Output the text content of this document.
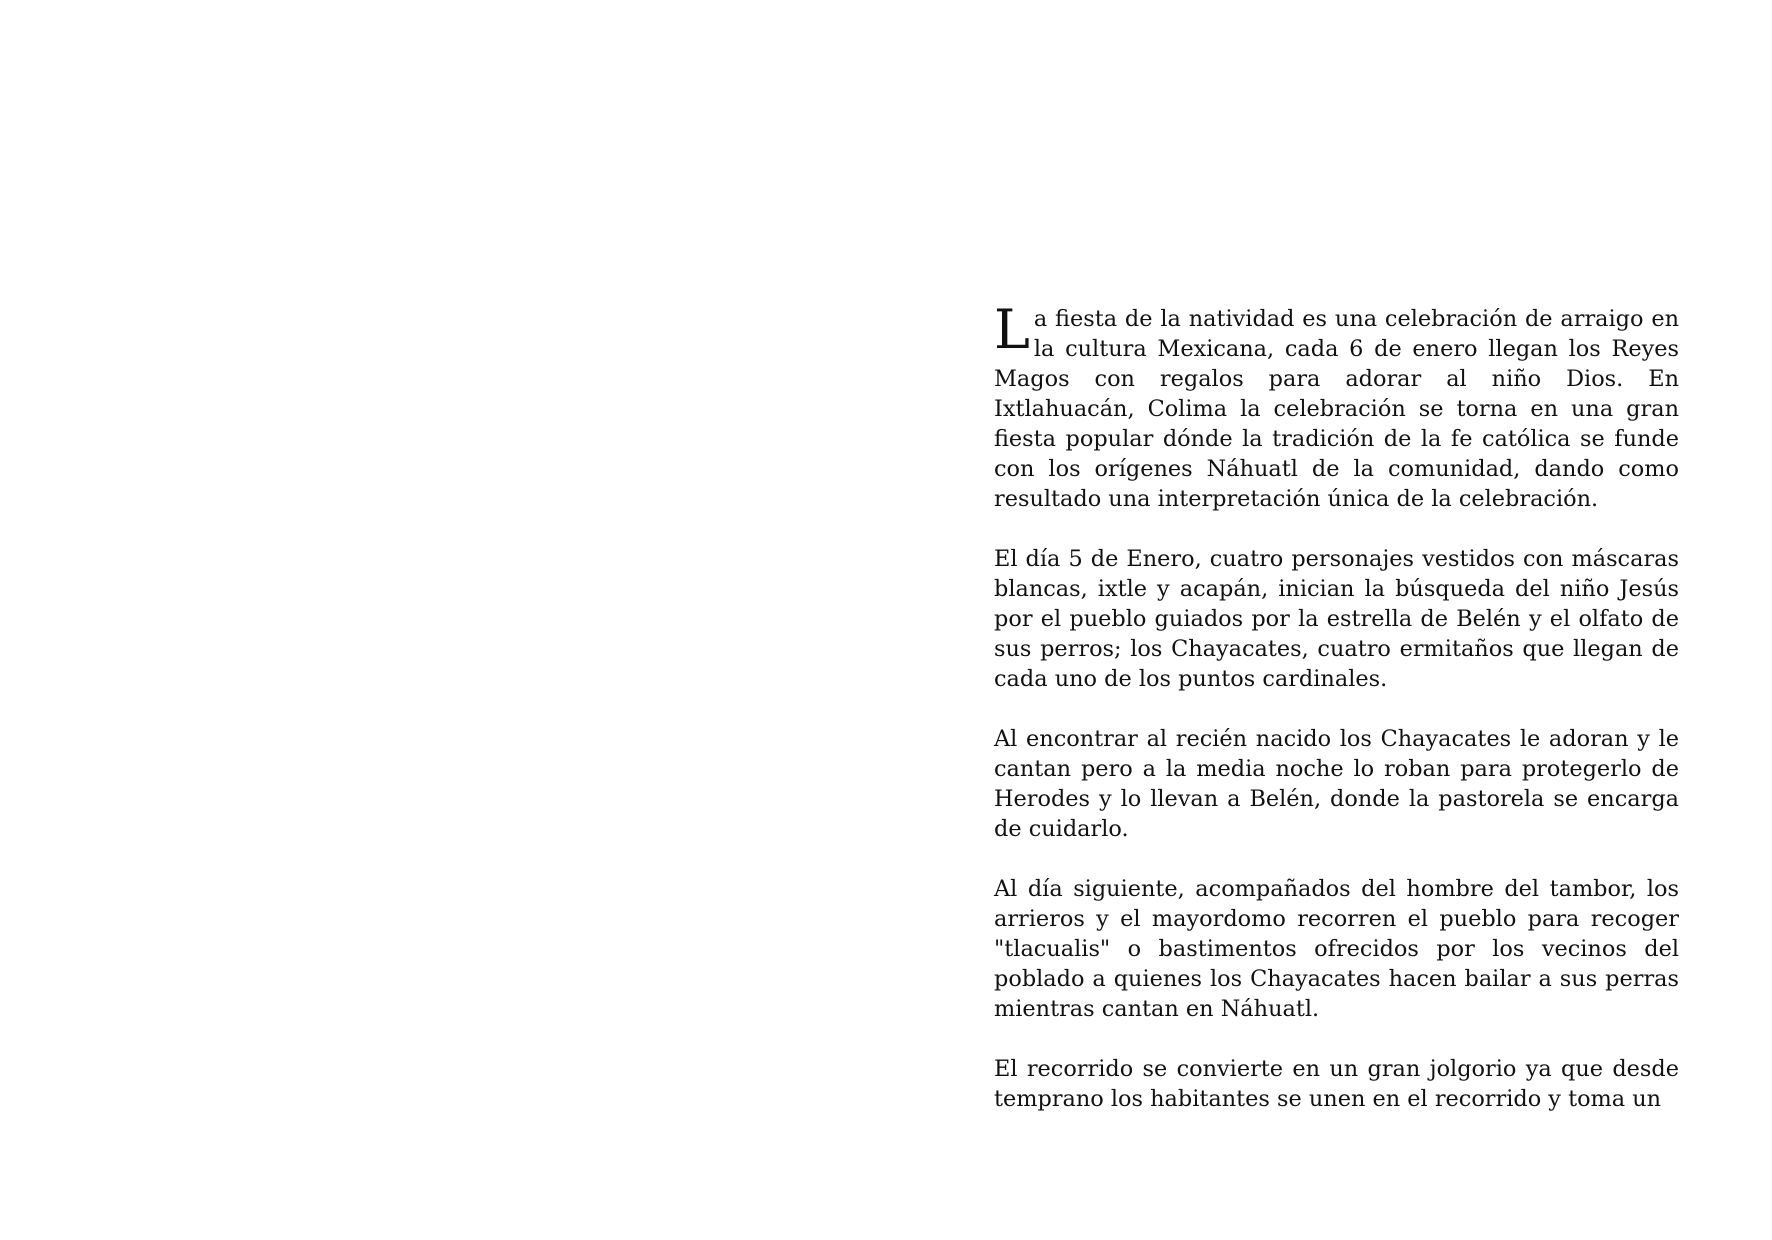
La fiesta de la natividad es una celebración de arraigo en la cultura Mexicana, cada 6 de enero llegan los Reyes Magos con regalos para adorar al niño Dios. En Ixtlahuacán, Colima la celebración se torna en una gran fiesta popular dónde la tradición de la fe católica se funde con los orígenes Náhuatl de la comunidad, dando como resultado una interpretación única de la celebración.

El día 5 de Enero, cuatro personajes vestidos con máscaras blancas, ixtle y acapán, inician la búsqueda del niño Jesús por el pueblo guiados por la estrella de Belén y el olfato de sus perros; los Chayacates, cuatro ermitaños que llegan de cada uno de los puntos cardinales.

Al encontrar al recién nacido los Chayacates le adoran y le cantan pero a la media noche lo roban para protegerlo de Herodes y lo llevan a Belén, donde la pastorela se encarga de cuidarlo.

Al día siguiente, acompañados del hombre del tambor, los arrieros y el mayordomo recorren el pueblo para recoger "tlacualis" o bastimentos ofrecidos por los vecinos del poblado a quienes los Chayacates hacen bailar a sus perras mientras cantan en Náhuatl.

El recorrido se convierte en un gran jolgorio ya que desde temprano los habitantes se unen en el recorrido y toma un
